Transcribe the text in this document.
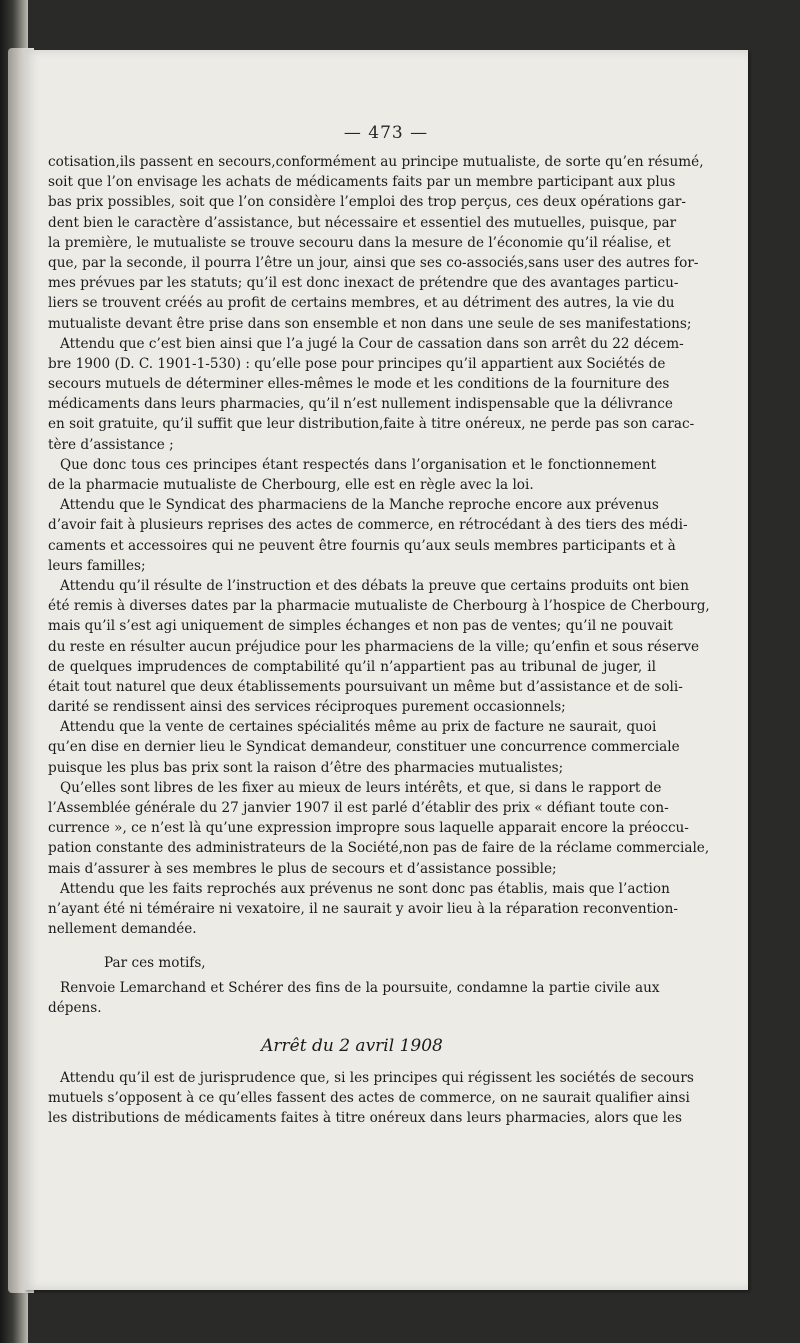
— 473 —
cotisation,ils passent en secours,conformément au principe mutualiste, de sorte qu’en résumé,
soit que l’on envisage les achats de médicaments faits par un membre participant aux plus
bas prix possibles, soit que l’on considère l’emploi des trop perçus, ces deux opérations gar-
dent bien le caractère d’assistance, but nécessaire et essentiel des mutuelles, puisque, par
la première, le mutualiste se trouve secouru dans la mesure de l’économie qu’il réalise, et
que, par la seconde, il pourra l’être un jour, ainsi que ses co-associés,sans user des autres for-
mes prévues par les statuts; qu’il est donc inexact de prétendre que des avantages particu-
liers se trouvent créés au profit de certains membres, et au détriment des autres, la vie du
mutualiste devant être prise dans son ensemble et non dans une seule de ses manifestations;
Attendu que c’est bien ainsi que l’a jugé la Cour de cassation dans son arrêt du 22 décem-
bre 1900 (D. C. 1901-1-530) : qu’elle pose pour principes qu’il appartient aux Sociétés de
secours mutuels de déterminer elles-mêmes le mode et les conditions de la fourniture des
médicaments dans leurs pharmacies, qu’il n’est nullement indispensable que la délivrance
en soit gratuite, qu’il suffit que leur distribution,faite à titre onéreux, ne perde pas son carac-
tère d’assistance ;
Que donc tous ces principes étant respectés dans l’organisation et le fonctionnement
de la pharmacie mutualiste de Cherbourg, elle est en règle avec la loi.
Attendu que le Syndicat des pharmaciens de la Manche reproche encore aux prévenus
d’avoir fait à plusieurs reprises des actes de commerce, en rétrocédant à des tiers des médi-
caments et accessoires qui ne peuvent être fournis qu’aux seuls membres participants et à
leurs familles;
Attendu qu’il résulte de l’instruction et des débats la preuve que certains produits ont bien
été remis à diverses dates par la pharmacie mutualiste de Cherbourg à l’hospice de Cherbourg,
mais qu’il s’est agi uniquement de simples échanges et non pas de ventes; qu’il ne pouvait
du reste en résulter aucun préjudice pour les pharmaciens de la ville; qu’enfin et sous réserve
de quelques imprudences de comptabilité qu’il n’appartient pas au tribunal de juger, il
était tout naturel que deux établissements poursuivant un même but d’assistance et de soli-
darité se rendissent ainsi des services réciproques purement occasionnels;
Attendu que la vente de certaines spécialités même au prix de facture ne saurait, quoi
qu’en dise en dernier lieu le Syndicat demandeur, constituer une concurrence commerciale
puisque les plus bas prix sont la raison d’être des pharmacies mutualistes;
Qu’elles sont libres de les fixer au mieux de leurs intérêts, et que, si dans le rapport de
l’Assemblée générale du 27 janvier 1907 il est parlé d’établir des prix « défiant toute con-
currence », ce n’est là qu’une expression impropre sous laquelle apparait encore la préoccu-
pation constante des administrateurs de la Société,non pas de faire de la réclame commerciale,
mais d’assurer à ses membres le plus de secours et d’assistance possible;
Attendu que les faits reprochés aux prévenus ne sont donc pas établis, mais que l’action
n’ayant été ni téméraire ni vexatoire, il ne saurait y avoir lieu à la réparation reconvention-
nellement demandée.
Par ces motifs,
Renvoie Lemarchand et Schérer des fins de la poursuite, condamne la partie civile aux
dépens.
Arrêt du 2 avril 1908
Attendu qu’il est de jurisprudence que, si les principes qui régissent les sociétés de secours
mutuels s’opposent à ce qu’elles fassent des actes de commerce, on ne saurait qualifier ainsi
les distributions de médicaments faites à titre onéreux dans leurs pharmacies, alors que les
